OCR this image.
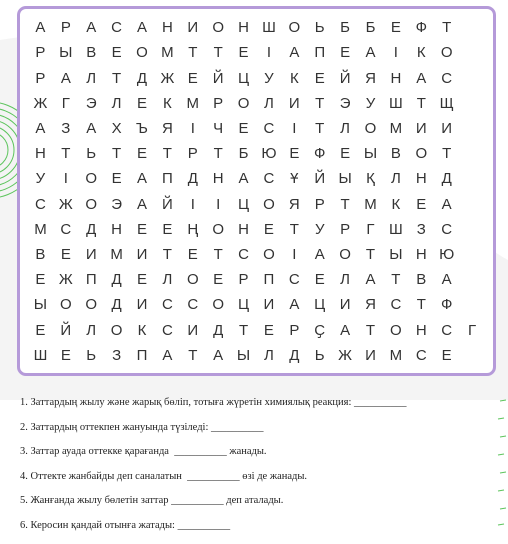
А Р А С А Н И О Н Ш О Ь	Б	Б Е Ф Т
Р Ы В Е О М Т	Т	Е	І	А П Е А	І	К О
Р А Л	Т	Д Ж Е Й Ц У	К	Е Й Я Н А С
Ж Г	Э Л Е	К М Р О Л И Т Э У Ш Т Щ
А	З	А Х Ъ Я	І	Ч Е С	І	Т	Л О М И И
Н Т	Ь	Т	Е	Т	Р	Т	Б Ю Е Ф Е Ы В О Т
У	І	О Е А П Д Н А С	Ұ	Й Ы Қ	Л Н Д
С Ж О Э А Й	І	І	Ц О Я Р	Т М К	Е А
М С Д Н Е Е Ң О Н Е	Т	У	Р	Г Ш З С
В Е И М И Т	Е	Т С О	І	А О Т Ы Н Ю
Е Ж П Д Е Л О Е Р П С Е Л А	Т	В А
Ы О О Д И С С О Ц И А Ц И Я С Т Ф
Е Й Л О К	С И Д	Т	Е Р Ҫ А	Т О Н С	Г
Ш Е Ь	З П А	Т	А Ы Л Д Ь Ж И М С Е
1. Заттардың жылу және жарық бөліп, тотыға жүретін химиялық реакция: __________
2. Заттардың оттекпен жануында түзіледі: __________
3. Заттар ауада оттекке қарағанда  __________ жанады.
4. Оттекте жанбайды деп саналатын  __________ өзі де жанады.
5. Жанғанда жылу бөлетін заттар __________ деп аталады.
6. Керосин қандай отынға жатады: __________
